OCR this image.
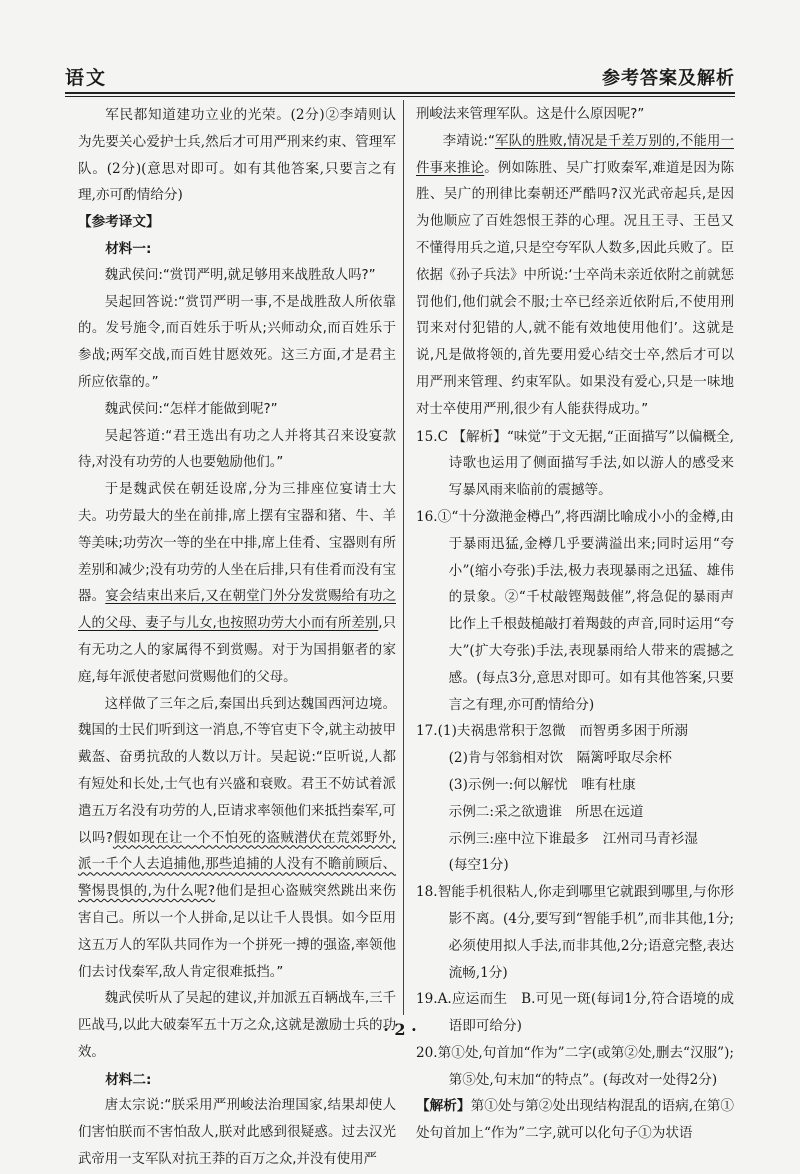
语文	参考答案及解析

军民都知道建功立业的光荣。(2分)②李靖则认为先要关心爱护士兵,然后才可用严刑来约束、管理军队。(2分)(意思对即可。如有其他答案,只要言之有理,亦可酌情给分)

【参考译文】

材料一:

魏武侯问:“赏罚严明,就足够用来战胜敌人吗?”

吴起回答说:“赏罚严明一事,不是战胜敌人所依靠的。发号施令,而百姓乐于听从;兴师动众,而百姓乐于参战;两军交战,而百姓甘愿效死。这三方面,才是君主所应依靠的。”

魏武侯问:“怎样才能做到呢?”

吴起答道:“君王选出有功之人并将其召来设宴款待,对没有功劳的人也要勉励他们。”

于是魏武侯在朝廷设席,分为三排座位宴请士大夫。功劳最大的坐在前排,席上摆有宝器和猪、牛、羊等美味;功劳次一等的坐在中排,席上佳肴、宝器则有所差别和减少;没有功劳的人坐在后排,只有佳肴而没有宝器。宴会结束出来后,又在朝堂门外分发赏赐给有功之人的父母、妻子与儿女,也按照功劳大小而有所差别,只有无功之人的家属得不到赏赐。对于为国捐躯者的家庭,每年派使者慰问赏赐他们的父母。

这样做了三年之后,秦国出兵到达魏国西河边境。魏国的士民们听到这一消息,不等官吏下令,就主动披甲戴盔、奋勇抗敌的人数以万计。吴起说:“臣听说,人都有短处和长处,士气也有兴盛和衰败。君王不妨试着派遣五万名没有功劳的人,臣请求率领他们来抵挡秦军,可以吗?假如现在让一个不怕死的盗贼潜伏在荒郊野外,派一千个人去追捕他,那些追捕的人没有不瞻前顾后、警惕畏惧的,为什么呢?他们是担心盗贼突然跳出来伤害自己。所以一个人拼命,足以让千人畏惧。如今臣用这五万人的军队共同作为一个拼死一搏的强盗,率领他们去讨伐秦军,敌人肯定很难抵挡。”

魏武侯听从了吴起的建议,并加派五百辆战车,三千匹战马,以此大破秦军五十万之众,这就是激励士兵的功效。

材料二:

唐太宗说:“朕采用严刑峻法治理国家,结果却使人们害怕朕而不害怕敌人,朕对此感到很疑惑。过去汉光武帝用一支军队对抗王莽的百万之众,并没有使用严

刑峻法来管理军队。这是什么原因呢?”

李靖说:“军队的胜败,情况是千差万别的,不能用一件事来推论。例如陈胜、吴广打败秦军,难道是因为陈胜、吴广的刑律比秦朝还严酷吗?汉光武帝起兵,是因为他顺应了百姓怨恨王莽的心理。况且王寻、王邑又不懂得用兵之道,只是空夸军队人数多,因此兵败了。臣依据《孙子兵法》中所说:‘士卒尚未亲近依附之前就惩罚他们,他们就会不服;士卒已经亲近依附后,不使用刑罚来对付犯错的人,就不能有效地使用他们’。这就是说,凡是做将领的,首先要用爱心结交士卒,然后才可以用严刑来管理、约束军队。如果没有爱心,只是一味地对士卒使用严刑,很少有人能获得成功。”

15.C 【解析】“味觉”于文无据,“正面描写”以偏概全,诗歌也运用了侧面描写手法,如以游人的感受来写暴风雨来临前的震撼等。

16.①“十分潋滟金樽凸”,将西湖比喻成小小的金樽,由于暴雨迅猛,金樽几乎要满溢出来;同时运用“夸小”(缩小夸张)手法,极力表现暴雨之迅猛、雄伟的景象。②“千杖敲铿羯鼓催”,将急促的暴雨声比作上千根鼓槌敲打着羯鼓的声音,同时运用“夸大”(扩大夸张)手法,表现暴雨给人带来的震撼之感。(每点3分,意思对即可。如有其他答案,只要言之有理,亦可酌情给分)

17.(1)夫祸患常积于忽微　而智勇多困于所溺

(2)肯与邻翁相对饮　隔篱呼取尽余杯

(3)示例一:何以解忧　唯有杜康

示例二:采之欲遗谁　所思在远道

示例三:座中泣下谁最多　江州司马青衫湿

(每空1分)

18.智能手机很粘人,你走到哪里它就跟到哪里,与你形影不离。(4分,要写到“智能手机”,而非其他,1分;必须使用拟人手法,而非其他,2分;语意完整,表达流畅,1分)

19.A.应运而生　B.可见一斑(每词1分,符合语境的成语即可给分)

20.第①处,句首加“作为”二字(或第②处,删去“汉服”);第⑤处,句末加“的特点”。(每改对一处得2分)

【解析】第①处与第②处出现结构混乱的语病,在第①处句首加上“作为”二字,就可以化句子①为状语

· 2 ·
